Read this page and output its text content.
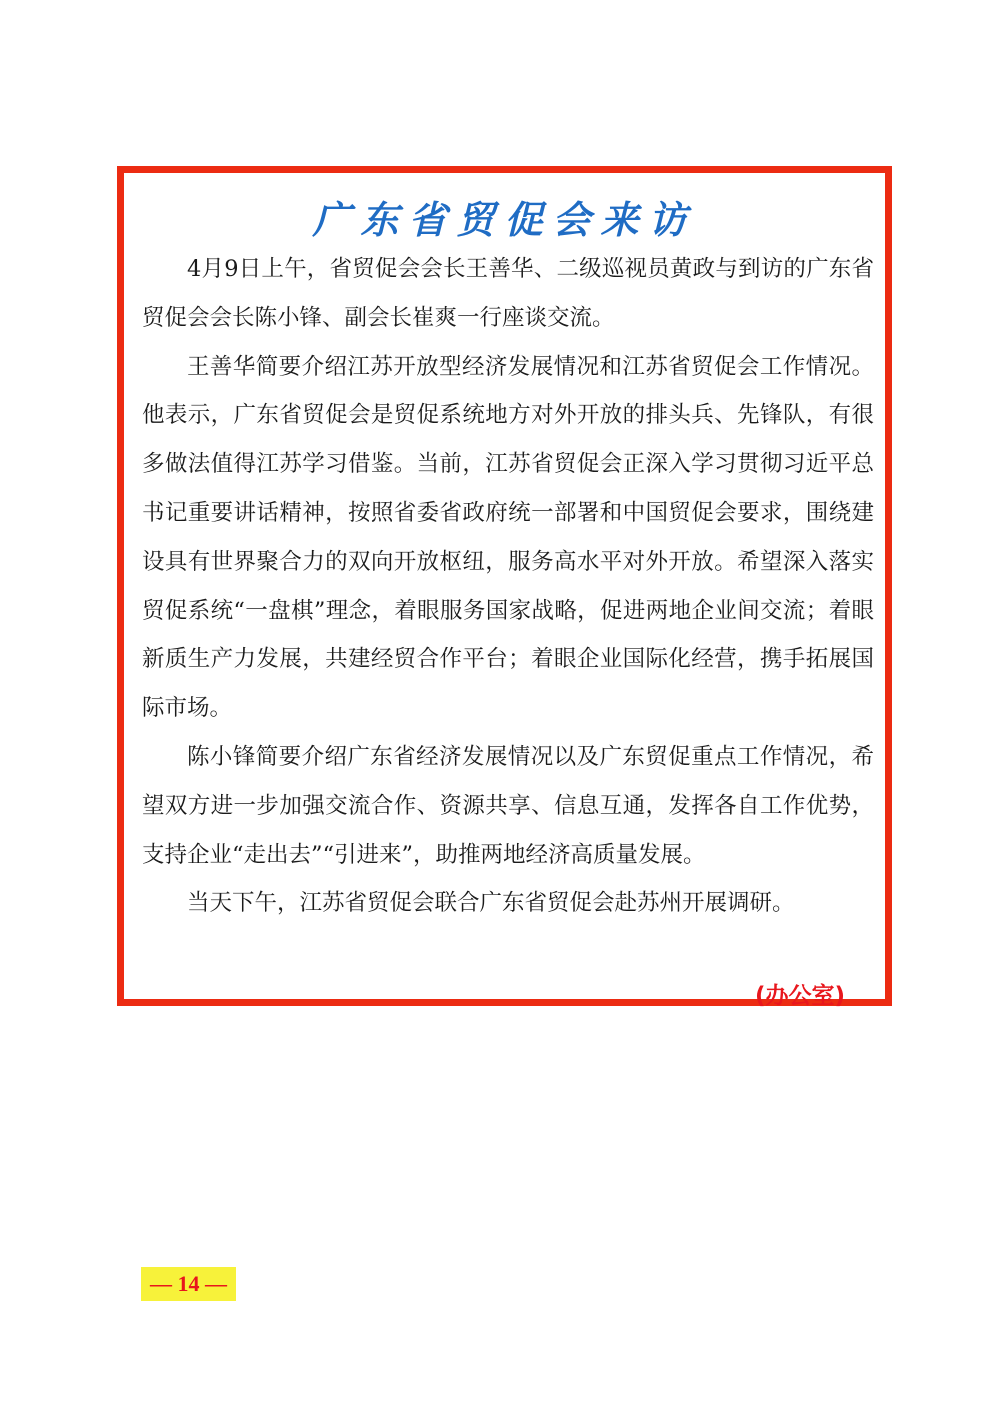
广东省贸促会来访

4月9日上午，省贸促会会长王善华、二级巡视员黄政与到访的广东省贸促会会长陈小锋、副会长崔爽一行座谈交流。

王善华简要介绍江苏开放型经济发展情况和江苏省贸促会工作情况。他表示，广东省贸促会是贸促系统地方对外开放的排头兵、先锋队，有很多做法值得江苏学习借鉴。当前，江苏省贸促会正深入学习贯彻习近平总书记重要讲话精神，按照省委省政府统一部署和中国贸促会要求，围绕建设具有世界聚合力的双向开放枢纽，服务高水平对外开放。希望深入落实贸促系统“一盘棋”理念，着眼服务国家战略，促进两地企业间交流；着眼新质生产力发展，共建经贸合作平台；着眼企业国际化经营，携手拓展国际市场。

陈小锋简要介绍广东省经济发展情况以及广东贸促重点工作情况，希望双方进一步加强交流合作、资源共享、信息互通，发挥各自工作优势，支持企业“走出去”“引进来”，助推两地经济高质量发展。

当天下午，江苏省贸促会联合广东省贸促会赴苏州开展调研。

(办公室)
— 14 —
